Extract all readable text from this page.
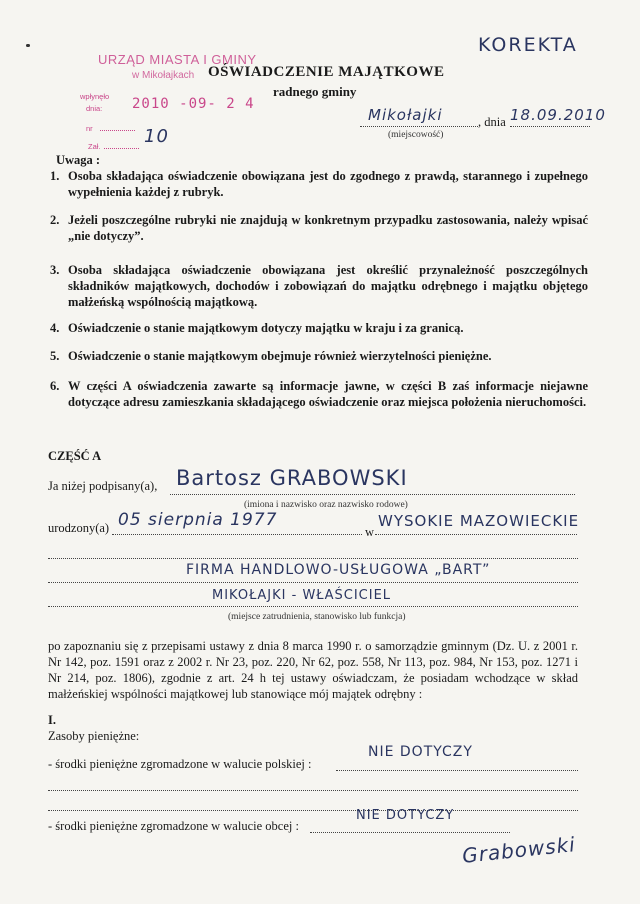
KOREKTA
URZĄD MIASTA I GMINY
w Mikołajkach
wpłynęło
dnia: 2010 -09- 2 4
nr
Zał. 10
OŚWIADCZENIE MAJĄTKOWE
radnego gminy
Mikołajki	, dnia 18.09.2010
(miejscowość)
Uwaga :
1. Osoba składająca oświadczenie obowiązana jest do zgodnego z prawdą, starannego i zupełnego wypełnienia każdej z rubryk.
2. Jeżeli poszczególne rubryki nie znajdują w konkretnym przypadku zastosowania, należy wpisać „nie dotyczy”.
3. Osoba składająca oświadczenie obowiązana jest określić przynależność poszczególnych składników majątkowych, dochodów i zobowiązań do majątku odrębnego i majątku objętego małżeńską wspólnością majątkową.
4. Oświadczenie o stanie majątkowym dotyczy majątku w kraju i za granicą.
5. Oświadczenie o stanie majątkowym obejmuje również wierzytelności pieniężne.
6. W części A oświadczenia zawarte są informacje jawne, w części B zaś informacje niejawne dotyczące adresu zamieszkania składającego oświadczenie oraz miejsca położenia nieruchomości.
CZĘŚĆ A
Ja niżej podpisany(a), Bartosz GRABOWSKI
(imiona i nazwisko oraz nazwisko rodowe)
urodzony(a) 05 sierpnia 1977
w
WYSOKIE MAZOWIECKIE
FIRMA HANDLOWO-USŁUGOWA „BART”
MIKOŁAJKI - WŁAŚCICIEL
(miejsce zatrudnienia, stanowisko lub funkcja)
po zapoznaniu się z przepisami ustawy z dnia 8 marca 1990 r. o samorządzie gminnym (Dz. U. z 2001 r. Nr 142, poz. 1591 oraz z 2002 r. Nr 23, poz. 220, Nr 62, poz. 558, Nr 113, poz. 984, Nr 153, poz. 1271 i Nr 214, poz. 1806), zgodnie z art. 24 h tej ustawy oświadczam, że posiadam wchodzące w skład małżeńskiej wspólności majątkowej lub stanowiące mój majątek odrębny :
I.
Zasoby pieniężne:
- środki pieniężne zgromadzone w walucie polskiej :
NIE DOTYCZY
- środki pieniężne zgromadzone w walucie obcej :
NIE DOTYCZY
Grabowski
